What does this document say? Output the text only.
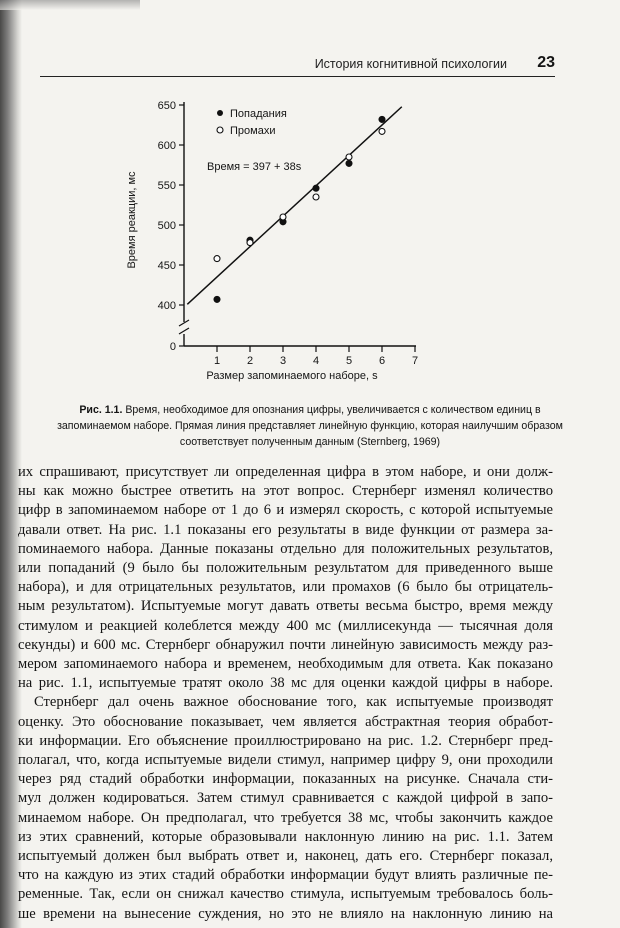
История когнитивной психологии 23
400
450
500
550
600
650
1 2 3 4 5 6 7
Попадания
Промахи
Время = 397 + 38s
0
Размер запоминаемого наборе, s
Время реакции, мс
Рис. 1.1. Время, необходимое для опознания цифры, увеличивается с количеством единиц в запоминаемом наборе. Прямая линия представляет линейную функцию, которая наилучшим образом соответствует полученным данным (Sternberg, 1969)

их спрашивают, присутствует ли определенная цифра в этом наборе, и они долж-
ны как можно быстрее ответить на этот вопрос. Стернберг изменял количество
цифр в запоминаемом наборе от 1 до 6 и измерял скорость, с которой испытуемые
давали ответ. На рис. 1.1 показаны его результаты в виде функции от размера за-
поминаемого набора. Данные показаны отдельно для положительных результатов,
или попаданий (9 было бы положительным результатом для приведенного выше
набора), и для отрицательных результатов, или промахов (6 было бы отрицатель-
ным результатом). Испытуемые могут давать ответы весьма быстро, время между
стимулом и реакцией колеблется между 400 мс (миллисекунда — тысячная доля
секунды) и 600 мс. Стернберг обнаружил почти линейную зависимость между раз-
мером запоминаемого набора и временем, необходимым для ответа. Как показано
на рис. 1.1, испытуемые тратят около 38 мс для оценки каждой цифры в наборе.

Стернберг дал очень важное обоснование того, как испытуемые производят
оценку. Это обоснование показывает, чем является абстрактная теория обработ-
ки информации. Его объяснение проиллюстрировано на рис. 1.2. Стернберг пред-
полагал, что, когда испытуемые видели стимул, например цифру 9, они проходили
через ряд стадий обработки информации, показанных на рисунке. Сначала сти-
мул должен кодироваться. Затем стимул сравнивается с каждой цифрой в запо-
минаемом наборе. Он предполагал, что требуется 38 мс, чтобы закончить каждое
из этих сравнений, которые образовывали наклонную линию на рис. 1.1. Затем
испытуемый должен был выбрать ответ и, наконец, дать его. Стернберг показал,
что на каждую из этих стадий обработки информации будут влиять различные пе-
ременные. Так, если он снижал качество стимула, испытуемым требовалось боль-
ше времени на вынесение суждения, но это не влияло на наклонную линию на
